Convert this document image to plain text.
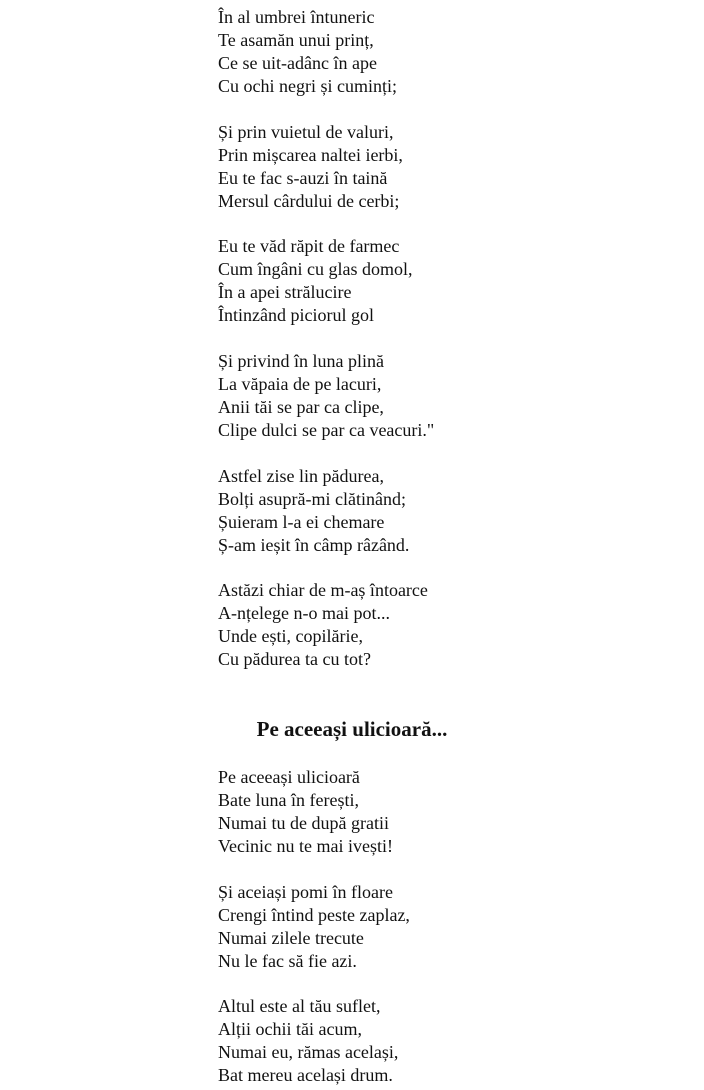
În al umbrei întuneric
Te asamăn unui prinț,
Ce se uit-adânc în ape
Cu ochi negri și cuminți;
Și prin vuietul de valuri,
Prin mișcarea naltei ierbi,
Eu te fac s-auzi în taină
Mersul cârdului de cerbi;
Eu te văd răpit de farmec
Cum îngâni cu glas domol,
În a apei strălucire
Întinzând piciorul gol
Și privind în luna plină
La văpaia de pe lacuri,
Anii tăi se par ca clipe,
Clipe dulci se par ca veacuri."
Astfel zise lin pădurea,
Bolți asupră-mi clătinând;
Șuieram l-a ei chemare
Ș-am ieșit în câmp râzând.
Astăzi chiar de m-aș întoarce
A-nțelege n-o mai pot...
Unde ești, copilărie,
Cu pădurea ta cu tot?
Pe aceeași ulicioară...
Pe aceeași ulicioară
Bate luna în ferești,
Numai tu de după gratii
Vecinic nu te mai ivești!
Și aceiași pomi în floare
Crengi întind peste zaplaz,
Numai zilele trecute
Nu le fac să fie azi.
Altul este al tău suflet,
Alții ochii tăi acum,
Numai eu, rămas același,
Bat mereu același drum.
